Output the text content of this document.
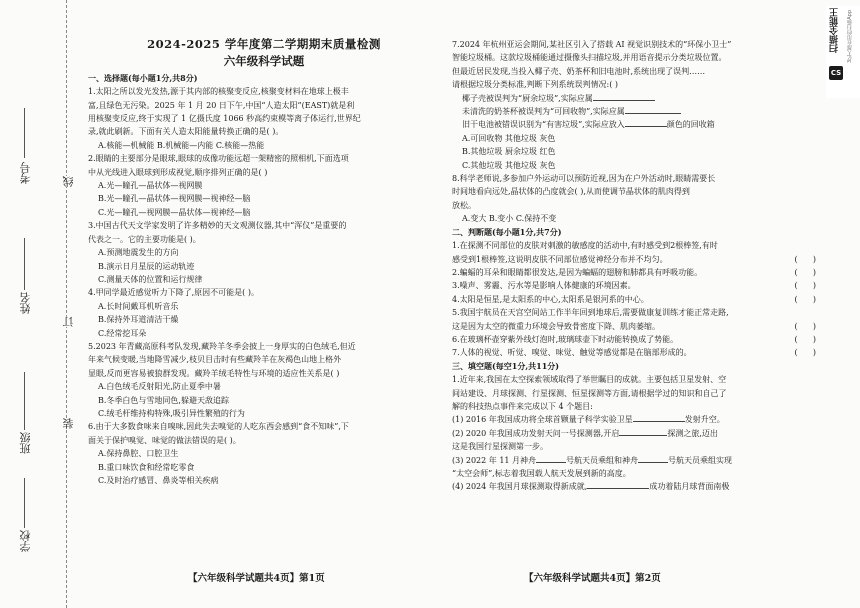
考号
姓名
班级
学校
线
订
装
2024-2025 学年度第二学期期末质量检测
六年级科学试题

一、选择题(每小题1分,共8分)

1.太阳之所以发光发热,源于其内部的核聚变反应,核聚变材料在地球上极丰

富,且绿色无污染。2025 年 1 月 20 日下午,中国“人造太阳”(EAST)就是利

用核聚变反应,终于实现了 1 亿摄氏度 1066 秒高约束模等离子体运行,世界纪

录,就此刷新。下面有关人造太阳能量转换正确的是( )。

A.核能—机械能 B.机械能—内能 C.核能—热能

2.眼睛的主要部分是眼球,眼球的成像功能远超一架精密的照相机,下面选项

中从光线进入眼球到形成视觉,顺序排列正确的是( )

A.光—瞳孔—晶状体—视网膜

B.光—瞳孔—晶状体—视网膜—视神经—脑

C.光—瞳孔—视网膜—晶状体—视神经—脑

3.中国古代天文学家发明了许多精妙的天文观测仪器,其中“浑仪”是重要的

代表之一。它的主要功能是( )。

A.预测地震发生的方向

B.演示日月星辰的运动轨迹

C.测量天体的位置和运行规律

4.甲同学最近感觉听力下降了,原因不可能是( )。

A.长时间戴耳机听音乐

B.保持外耳道清洁干燥

C.经常挖耳朵

5.2023 年青藏高原科考队发现,藏羚羊冬季会披上一身厚实的白色绒毛,但近

年来气候变暖,当地降雪减少,枝贝目击时有些藏羚羊在灰褐色山地上格外

显眼,反而更容易被狼群发现。藏羚羊绒毛特性与环境的适应性关系是( )

A.白色绒毛反射阳光,防止夏季中暑

B.冬季白色与雪地同色,躲避天敌追踪

C.绒毛杆维持构特殊,吸引异性繁殖的行为

6.由于大多数食味来自嗅味,因此失去嗅觉的人吃东西会感到“食不知味”,下

面关于保护嗅觉、味觉的做法错误的是( )。

A.保持鼻腔、口腔卫生

B.重口味饮食和经常吃零食

C.及时治疗感冒、鼻炎等相关疾病

【六年级科学试题共4页】第1页

7.2024 年杭州亚运会期间,某社区引入了搭载 AI 视觉识别技术的“环保小卫士”

智能垃圾桶。这款垃圾桶能通过摄像头扫描垃圾,并用语音提示分类垃圾位置。

但最近居民发现,当投入椰子壳、奶茶杯和旧电池时,系统出现了误判……

请根据垃圾分类标准,判断下列系统误判情况:( )

椰子壳被误判为“厨余垃圾”,实际应属

未清洗的奶茶杯被误判为“可回收物”,实际应属

旧干电池被错误识别为“有害垃圾”,实际应放入	颜色的回收箱

A.可回收物 其他垃圾 灰色

B.其他垃圾 厨余垃圾 红色

C.其他垃圾 其他垃圾 灰色

8.科学老师说,多参加户外运动可以预防近视,因为在户外活动时,眼睛需要长

时间地看向远处,晶状体的凸度就会( ),从而使调节晶状体的肌肉得到

放松。

A.变大 B.变小 C.保持不变

二、判断题(每小题1分,共7分)

1.在探测不同部位的皮肤对刺激的敏感度的活动中,有时感受到2根棒签,有时

感受到1根棒签,这说明皮肤不同部位感觉神经分布并不均匀。	(      )

2.蝙蝠的耳朵和眼睛都很发达,是因为蝙蝠的翅膀和肺都具有呼吸功能。	(      )

3.噪声、雾霾、污水等是影响人体健康的环境因素。	(      )

4.太阳是恒星,是太阳系的中心,太阳系是银河系的中心。	(      )

5.我国宇航员在天宫空间站工作半年回到地球后,需要做康复训练才能正常走路,

这是因为太空的微重力环境会导致骨密度下降、肌肉萎缩。	(      )

6.在玻璃杯壶穿紫外线灯泡时,玻璃球壶下时动能转换成了势能。	(      )

7.人体的视觉、听觉、嗅觉、味觉、触觉等感觉都是在脑部形成的。	(      )

三、填空题(每空1分,共11分)

1.近年来,我国在太空探索领域取得了举世瞩目的成就。主要包括卫星发射、空

间站建设、月球探测、行星探测、恒星探测等方面,请根据学过的知识和自己了

解的科技热点事件来完成以下 4 个题目:

(1) 2016 年我国成功将全球首颗量子科学实验卫星	发射升空。

(2) 2020 年我国成功发射天问一号探测器,开启	探测之旅,迈出

这是我国行星探测第一步。

(3) 2022 年 11 月神舟	号航天员乘组和神舟	号航天员乘组实现

“太空会师”,标志着我国载人航天发展到新的高度。

(4) 2024 年我国月球探测取得新成就,	成功着陆月球背面南极

【六年级科学试题共4页】第2页
扫描全能王 3亿人都在用的扫描App
CS
